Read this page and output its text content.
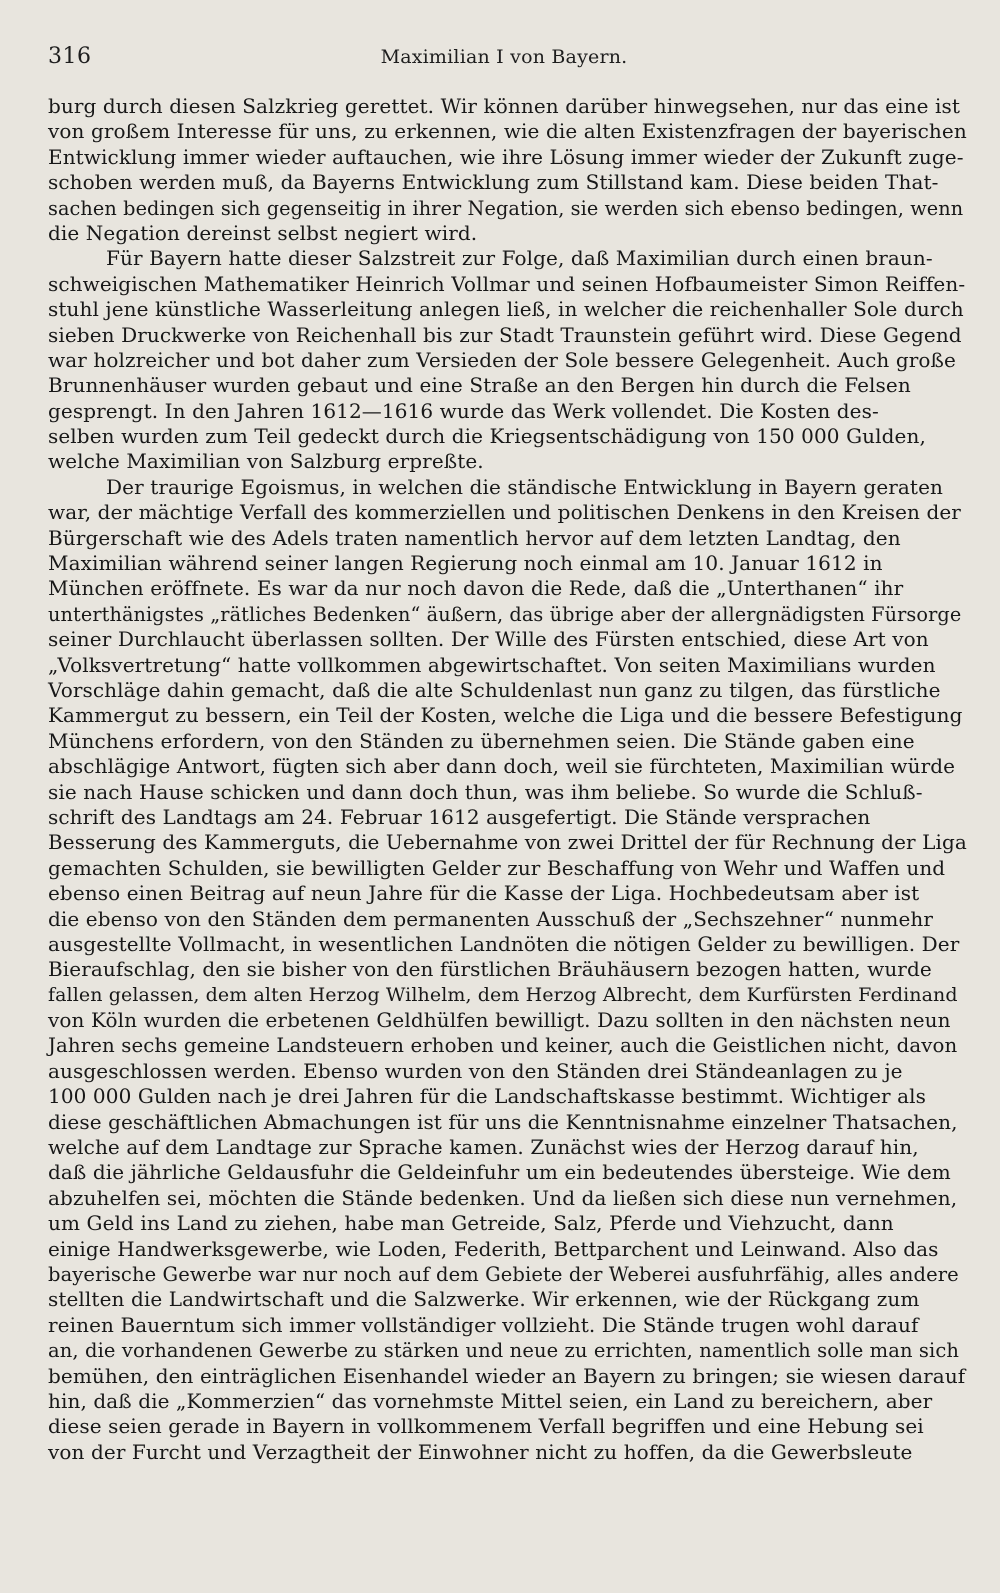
316	Maximilian I von Bayern.
burg durch diesen Salzkrieg gerettet. Wir können darüber hinwegsehen, nur das eine ist
von großem Interesse für uns, zu erkennen, wie die alten Existenzfragen der bayerischen
Entwicklung immer wieder auftauchen, wie ihre Lösung immer wieder der Zukunft zuge-
schoben werden muß, da Bayerns Entwicklung zum Stillstand kam. Diese beiden That-
sachen bedingen sich gegenseitig in ihrer Negation, sie werden sich ebenso bedingen, wenn
die Negation dereinst selbst negiert wird.
Für Bayern hatte dieser Salzstreit zur Folge, daß Maximilian durch einen braun-
schweigischen Mathematiker Heinrich Vollmar und seinen Hofbaumeister Simon Reiffen-
stuhl jene künstliche Wasserleitung anlegen ließ, in welcher die reichenhaller Sole durch
sieben Druckwerke von Reichenhall bis zur Stadt Traunstein geführt wird. Diese Gegend
war holzreicher und bot daher zum Versieden der Sole bessere Gelegenheit. Auch große
Brunnenhäuser wurden gebaut und eine Straße an den Bergen hin durch die Felsen
gesprengt. In den Jahren 1612—1616 wurde das Werk vollendet. Die Kosten des-
selben wurden zum Teil gedeckt durch die Kriegsentschädigung von 150 000 Gulden,
welche Maximilian von Salzburg erpreßte.
Der traurige Egoismus, in welchen die ständische Entwicklung in Bayern geraten
war, der mächtige Verfall des kommerziellen und politischen Denkens in den Kreisen der
Bürgerschaft wie des Adels traten namentlich hervor auf dem letzten Landtag, den
Maximilian während seiner langen Regierung noch einmal am 10. Januar 1612 in
München eröffnete. Es war da nur noch davon die Rede, daß die „Unterthanen“ ihr
unterthänigstes „rätliches Bedenken“ äußern, das übrige aber der allergnädigsten Fürsorge
seiner Durchlaucht überlassen sollten. Der Wille des Fürsten entschied, diese Art von
„Volksvertretung“ hatte vollkommen abgewirtschaftet. Von seiten Maximilians wurden
Vorschläge dahin gemacht, daß die alte Schuldenlast nun ganz zu tilgen, das fürstliche
Kammergut zu bessern, ein Teil der Kosten, welche die Liga und die bessere Befestigung
Münchens erfordern, von den Ständen zu übernehmen seien. Die Stände gaben eine
abschlägige Antwort, fügten sich aber dann doch, weil sie fürchteten, Maximilian würde
sie nach Hause schicken und dann doch thun, was ihm beliebe. So wurde die Schluß-
schrift des Landtags am 24. Februar 1612 ausgefertigt. Die Stände versprachen
Besserung des Kammerguts, die Uebernahme von zwei Drittel der für Rechnung der Liga
gemachten Schulden, sie bewilligten Gelder zur Beschaffung von Wehr und Waffen und
ebenso einen Beitrag auf neun Jahre für die Kasse der Liga. Hochbedeutsam aber ist
die ebenso von den Ständen dem permanenten Ausschuß der „Sechszehner“ nunmehr
ausgestellte Vollmacht, in wesentlichen Landnöten die nötigen Gelder zu bewilligen. Der
Bieraufschlag, den sie bisher von den fürstlichen Bräuhäusern bezogen hatten, wurde
fallen gelassen, dem alten Herzog Wilhelm, dem Herzog Albrecht, dem Kurfürsten Ferdinand
von Köln wurden die erbetenen Geldhülfen bewilligt. Dazu sollten in den nächsten neun
Jahren sechs gemeine Landsteuern erhoben und keiner, auch die Geistlichen nicht, davon
ausgeschlossen werden. Ebenso wurden von den Ständen drei Ständeanlagen zu je
100 000 Gulden nach je drei Jahren für die Landschaftskasse bestimmt. Wichtiger als
diese geschäftlichen Abmachungen ist für uns die Kenntnisnahme einzelner Thatsachen,
welche auf dem Landtage zur Sprache kamen. Zunächst wies der Herzog darauf hin,
daß die jährliche Geldausfuhr die Geldeinfuhr um ein bedeutendes übersteige. Wie dem
abzuhelfen sei, möchten die Stände bedenken. Und da ließen sich diese nun vernehmen,
um Geld ins Land zu ziehen, habe man Getreide, Salz, Pferde und Viehzucht, dann
einige Handwerksgewerbe, wie Loden, Federith, Bettparchent und Leinwand. Also das
bayerische Gewerbe war nur noch auf dem Gebiete der Weberei ausfuhrfähig, alles andere
stellten die Landwirtschaft und die Salzwerke. Wir erkennen, wie der Rückgang zum
reinen Bauerntum sich immer vollständiger vollzieht. Die Stände trugen wohl darauf
an, die vorhandenen Gewerbe zu stärken und neue zu errichten, namentlich solle man sich
bemühen, den einträglichen Eisenhandel wieder an Bayern zu bringen; sie wiesen darauf
hin, daß die „Kommerzien“ das vornehmste Mittel seien, ein Land zu bereichern, aber
diese seien gerade in Bayern in vollkommenem Verfall begriffen und eine Hebung sei
von der Furcht und Verzagtheit der Einwohner nicht zu hoffen, da die Gewerbsleute
